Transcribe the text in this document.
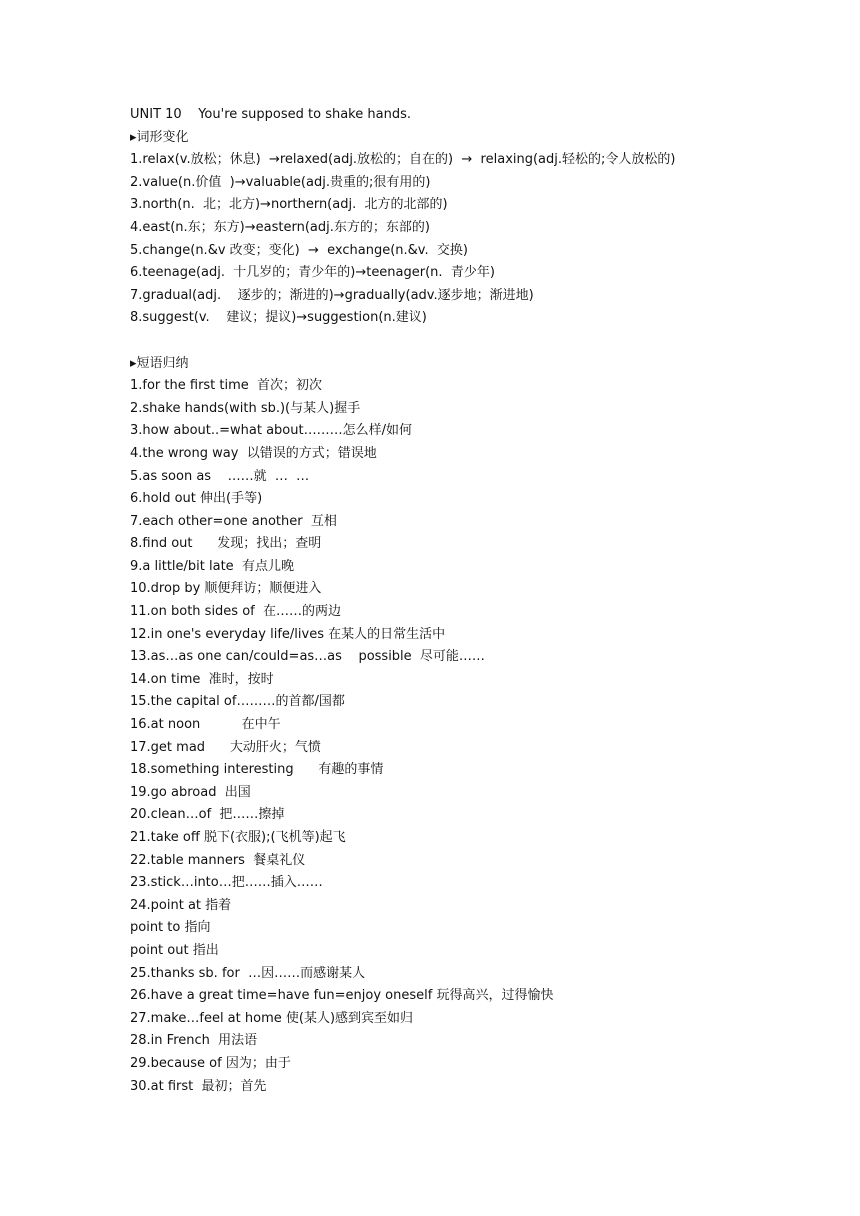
UNIT 10    You're supposed to shake hands.
▸词形变化
1.relax(v.放松；休息)  →relaxed(adj.放松的；自在的)  →  relaxing(adj.轻松的;令人放松的)
2.value(n.价值  )→valuable(adj.贵重的;很有用的)
3.north(n.  北；北方)→northern(adj.  北方的北部的)
4.east(n.东；东方)→eastern(adj.东方的；东部的)
5.change(n.&v 改变；变化)  →  exchange(n.&v.  交换)
6.teenage(adj.  十几岁的；青少年的)→teenager(n.  青少年)
7.gradual(adj.    逐步的；渐进的)→gradually(adv.逐步地；渐进地)
8.suggest(v.    建议；提议)→suggestion(n.建议)
▸短语归纳
1.for the first time  首次；初次
2.shake hands(with sb.)(与某人)握手
3.how about..=what about………怎么样/如何
4.the wrong way  以错误的方式；错误地
5.as soon as    ……就  …  …
6.hold out 伸出(手等)
7.each other=one another  互相
8.find out      发现；找出；查明
9.a little/bit late  有点儿晚
10.drop by 顺便拜访；顺便进入
11.on both sides of  在……的两边
12.in one's everyday life/lives 在某人的日常生活中
13.as…as one can/could=as…as    possible  尽可能……
14.on time  准时，按时
15.the capital of………的首都/国都
16.at noon          在中午
17.get mad      大动肝火；气愤
18.something interesting      有趣的事情
19.go abroad  出国
20.clean…of  把……擦掉
21.take off 脱下(衣服);(飞机等)起飞
22.table manners  餐桌礼仪
23.stick…into…把……插入……
24.point at 指着
point to 指向
point out 指出
25.thanks sb. for  …因……而感谢某人
26.have a great time=have fun=enjoy oneself 玩得高兴，过得愉快
27.make…feel at home 使(某人)感到宾至如归
28.in French  用法语
29.because of 因为；由于
30.at first  最初；首先
